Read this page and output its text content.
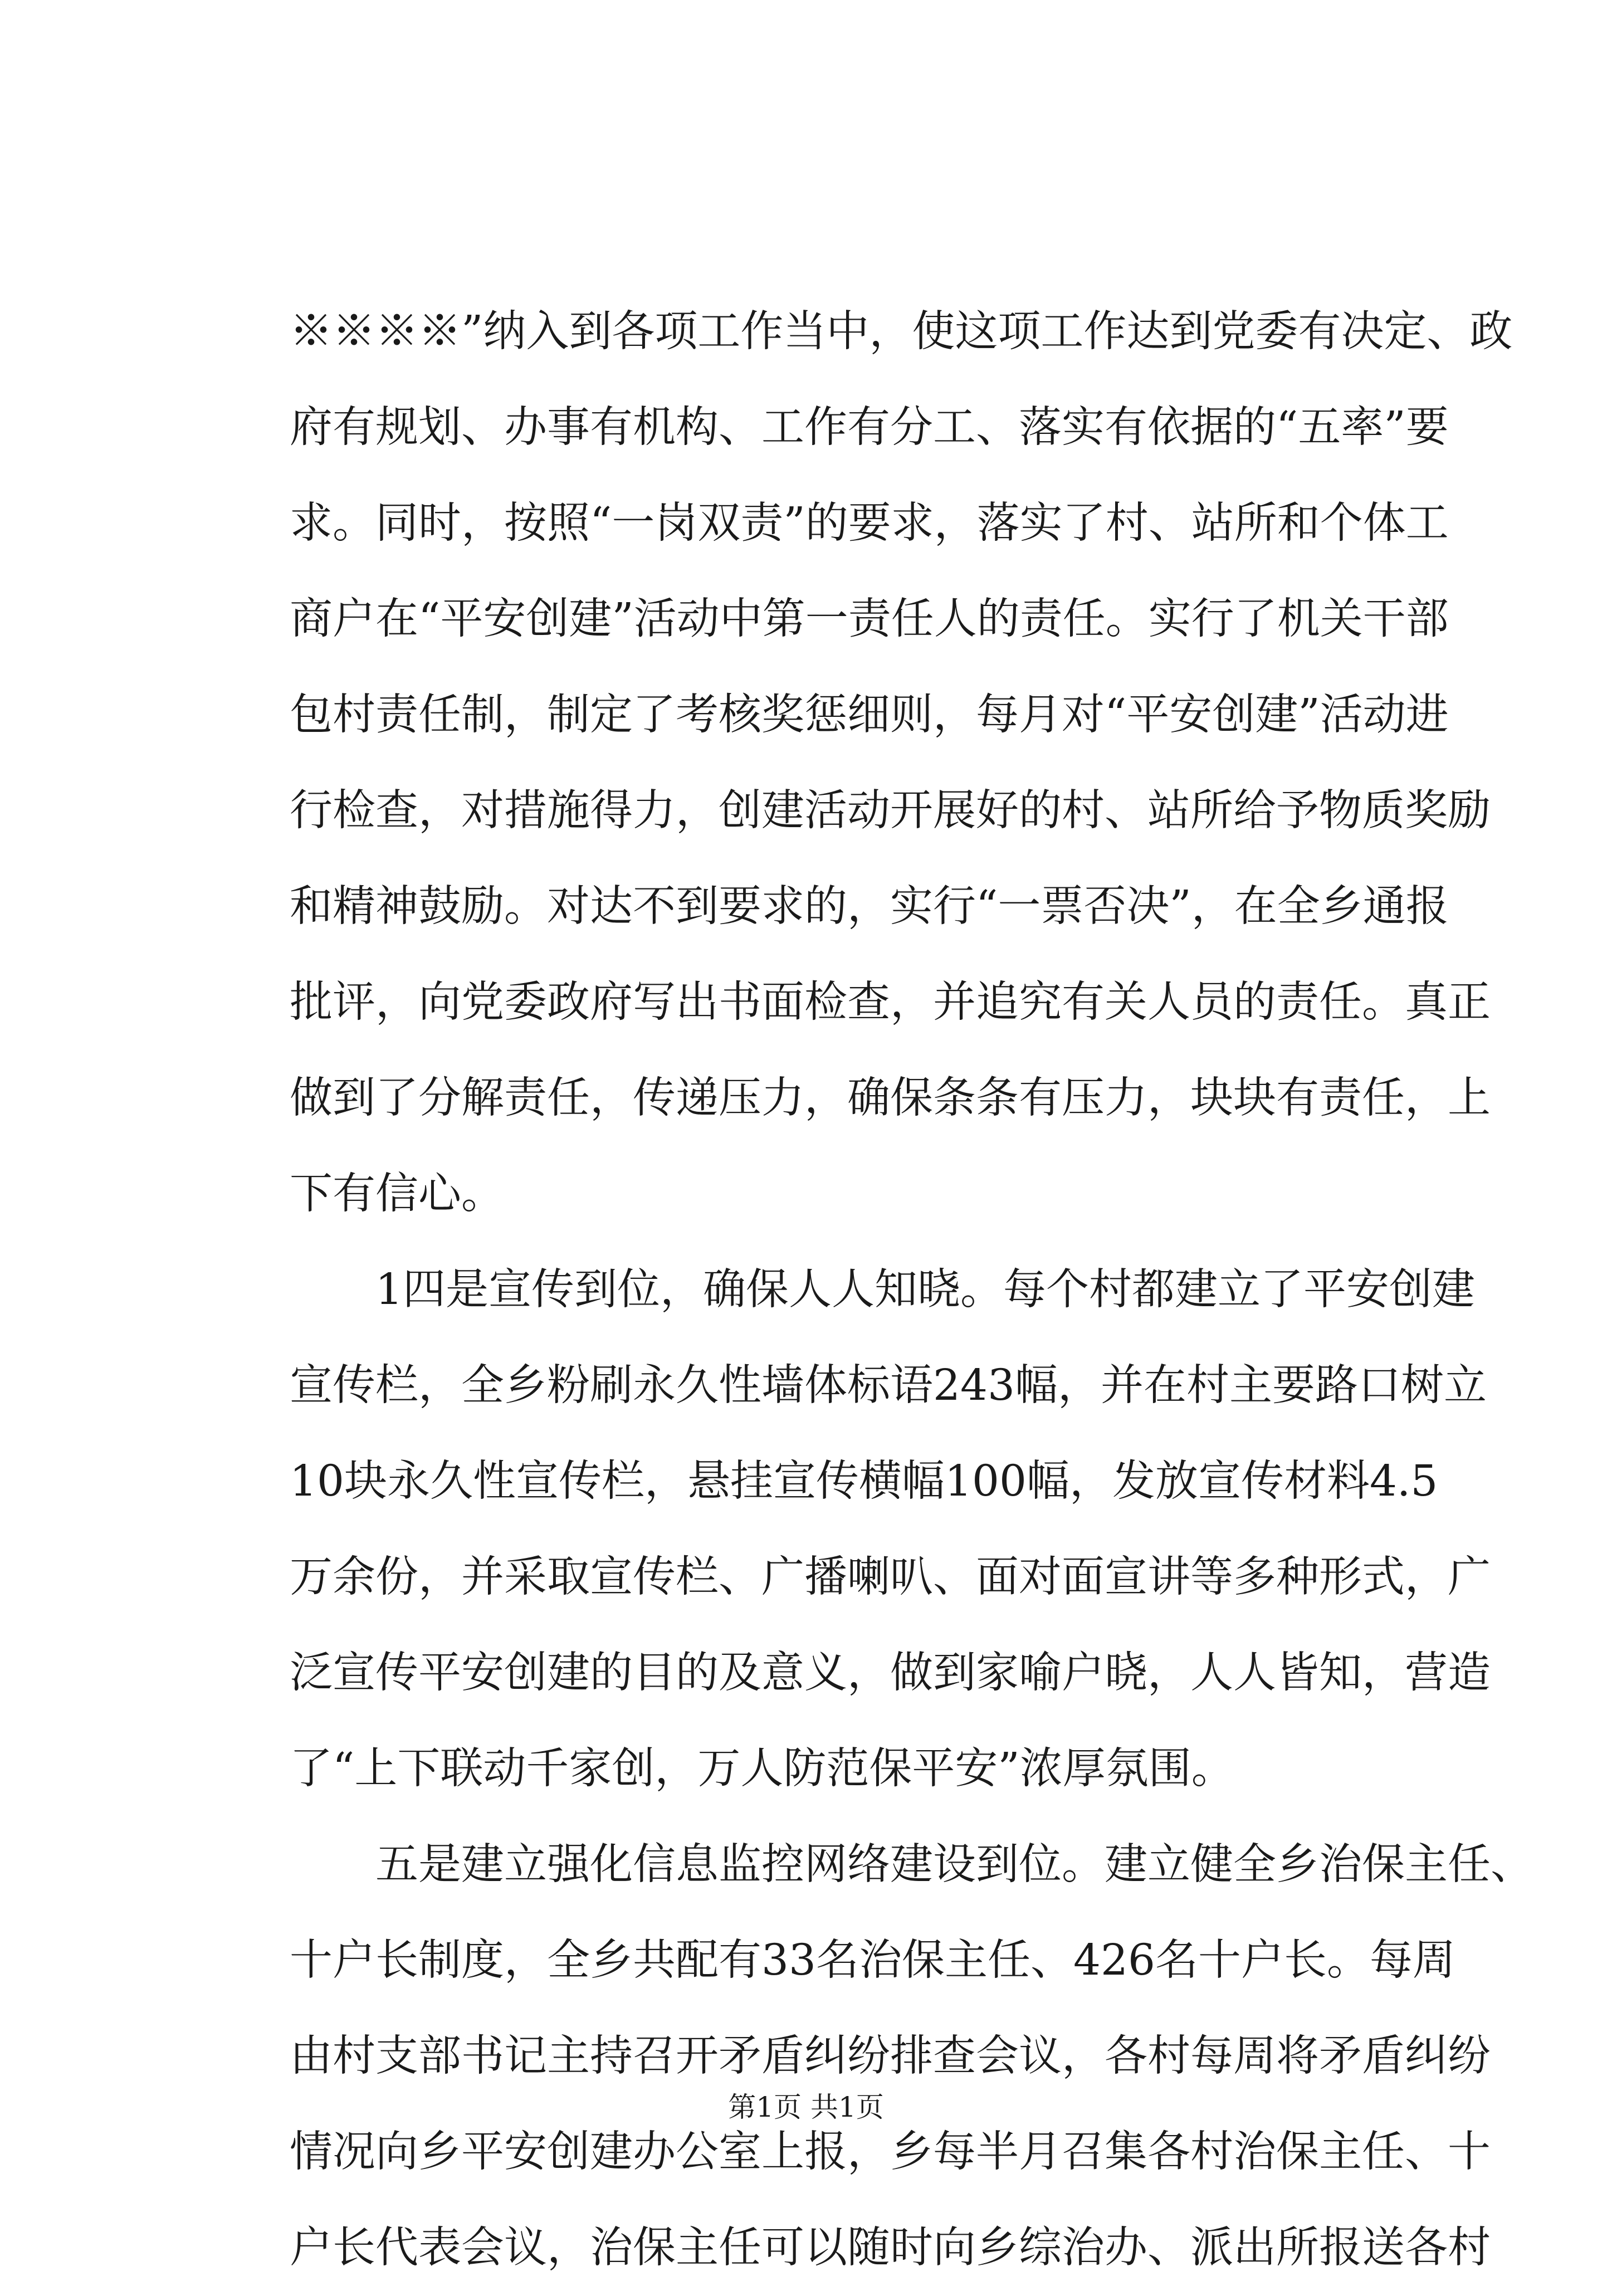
※※※※”纳入到各项工作当中，使这项工作达到党委有决定、政
府有规划、办事有机构、工作有分工、落实有依据的“五率”要
求。同时，按照“一岗双责”的要求，落实了村、站所和个体工
商户在“平安创建”活动中第一责任人的责任。实行了机关干部
包村责任制，制定了考核奖惩细则，每月对“平安创建”活动进
行检查，对措施得力，创建活动开展好的村、站所给予物质奖励
和精神鼓励。对达不到要求的，实行“一票否决”，在全乡通报
批评，向党委政府写出书面检查，并追究有关人员的责任。真正
做到了分解责任，传递压力，确保条条有压力，块块有责任，上
下有信心。
　　1四是宣传到位，确保人人知晓。每个村都建立了平安创建
宣传栏，全乡粉刷永久性墙体标语243幅，并在村主要路口树立
10块永久性宣传栏，悬挂宣传横幅100幅，发放宣传材料4.5
万余份，并采取宣传栏、广播喇叭、面对面宣讲等多种形式，广
泛宣传平安创建的目的及意义，做到家喻户晓，人人皆知，营造
了“上下联动千家创，万人防范保平安”浓厚氛围。
　　五是建立强化信息监控网络建设到位。建立健全乡治保主任、
十户长制度，全乡共配有33名治保主任、426名十户长。每周
由村支部书记主持召开矛盾纠纷排查会议，各村每周将矛盾纠纷
情况向乡平安创建办公室上报，乡每半月召集各村治保主任、十
户长代表会议，治保主任可以随时向乡综治办、派出所报送各村
第1页 共1页
